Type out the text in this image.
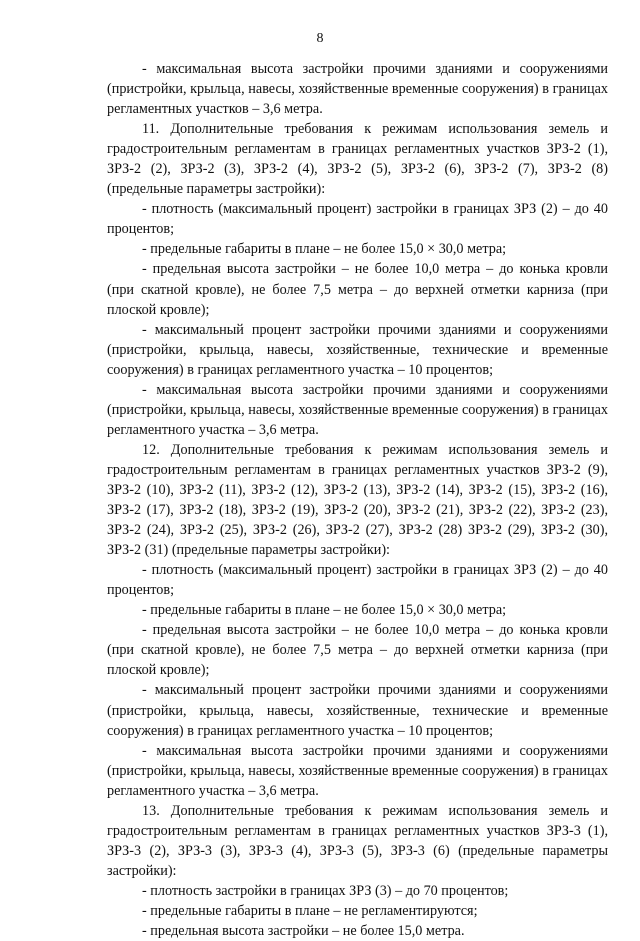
8

- максимальная высота застройки прочими зданиями и сооружениями (пристройки, крыльца, навесы, хозяйственные временные сооружения) в границах регламентных участков – 3,6 метра.

11. Дополнительные требования к режимам использования земель и градостроительным регламентам в границах регламентных участков ЗРЗ-2 (1), ЗРЗ-2 (2), ЗРЗ-2 (3), ЗРЗ-2 (4), ЗРЗ-2 (5), ЗРЗ-2 (6), ЗРЗ-2 (7), ЗРЗ-2 (8) (предельные параметры застройки):

- плотность (максимальный процент) застройки в границах ЗРЗ (2) – до 40 процентов;

- предельные габариты в плане – не более 15,0 × 30,0 метра;

- предельная высота застройки – не более 10,0 метра – до конька кровли (при скатной кровле), не более 7,5 метра – до верхней отметки карниза (при плоской кровле);

- максимальный процент застройки прочими зданиями и сооружениями (пристройки, крыльца, навесы, хозяйственные, технические и временные сооружения) в границах регламентного участка – 10 процентов;

- максимальная высота застройки прочими зданиями и сооружениями (пристройки, крыльца, навесы, хозяйственные временные сооружения) в границах регламентного участка – 3,6 метра.

12. Дополнительные требования к режимам использования земель и градостроительным регламентам в границах регламентных участков ЗРЗ-2 (9), ЗРЗ-2 (10), ЗРЗ-2 (11), ЗРЗ-2 (12), ЗРЗ-2 (13), ЗРЗ-2 (14), ЗРЗ-2 (15), ЗРЗ-2 (16), ЗРЗ-2 (17), ЗРЗ-2 (18), ЗРЗ-2 (19), ЗРЗ-2 (20), ЗРЗ-2 (21), ЗРЗ-2 (22), ЗРЗ-2 (23), ЗРЗ-2 (24), ЗРЗ-2 (25), ЗРЗ-2 (26), ЗРЗ-2 (27), ЗРЗ-2 (28) ЗРЗ-2 (29), ЗРЗ-2 (30), ЗРЗ-2 (31) (предельные параметры застройки):

- плотность (максимальный процент) застройки в границах ЗРЗ (2) – до 40 процентов;

- предельные габариты в плане – не более 15,0 × 30,0 метра;

- предельная высота застройки – не более 10,0 метра – до конька кровли (при скатной кровле), не более 7,5 метра – до верхней отметки карниза (при плоской кровле);

- максимальный процент застройки прочими зданиями и сооружениями (пристройки, крыльца, навесы, хозяйственные, технические и временные сооружения) в границах регламентного участка – 10 процентов;

- максимальная высота застройки прочими зданиями и сооружениями (пристройки, крыльца, навесы, хозяйственные временные сооружения) в границах регламентного участка – 3,6 метра.

13. Дополнительные требования к режимам использования земель и градостроительным регламентам в границах регламентных участков ЗРЗ-3 (1), ЗРЗ-3 (2), ЗРЗ-3 (3), ЗРЗ-3 (4), ЗРЗ-3 (5), ЗРЗ-3 (6) (предельные параметры застройки):

- плотность застройки в границах ЗРЗ (3) – до 70 процентов;

- предельные габариты в плане – не регламентируются;

- предельная высота застройки – не более 15,0 метра.
